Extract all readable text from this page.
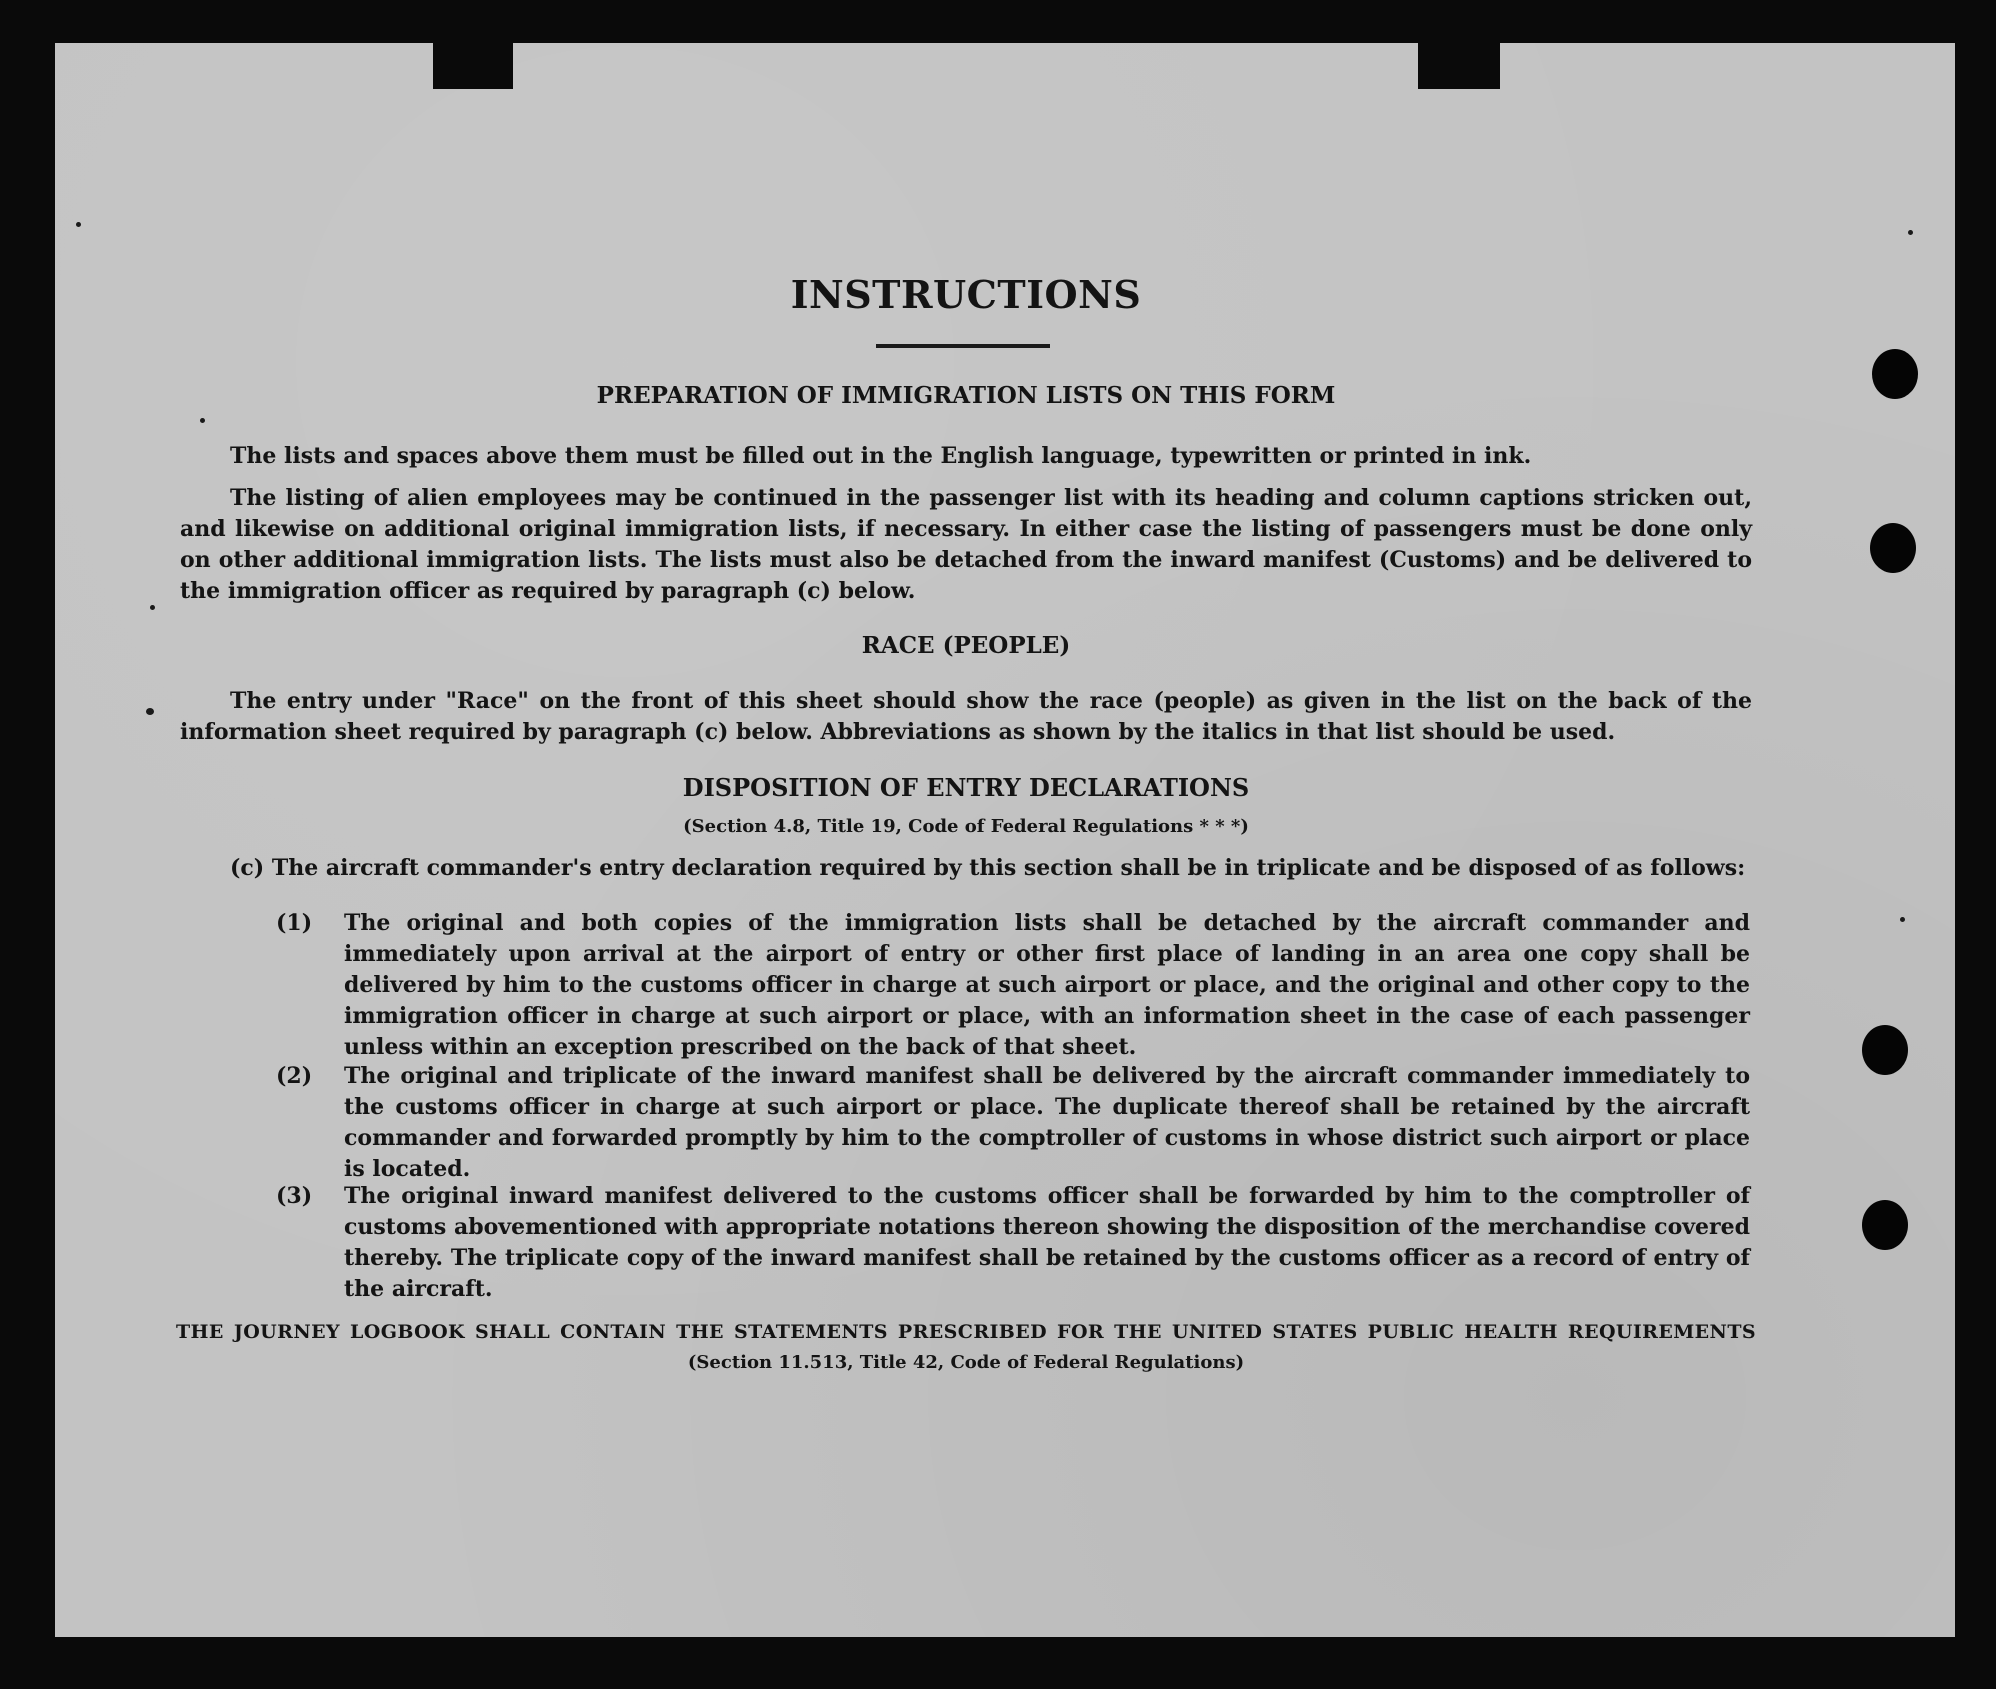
INSTRUCTIONS
PREPARATION OF IMMIGRATION LISTS ON THIS FORM
The lists and spaces above them must be filled out in the English language, typewritten or printed in ink.
The listing of alien employees may be continued in the passenger list with its heading and column captions stricken out, and likewise on additional original immigration lists, if necessary. In either case the listing of passengers must be done only on other additional immigration lists. The lists must also be detached from the inward manifest (Customs) and be delivered to the immigration officer as required by paragraph (c) below.
RACE (PEOPLE)
The entry under "Race" on the front of this sheet should show the race (people) as given in the list on the back of the information sheet required by paragraph (c) below. Abbreviations as shown by the italics in that list should be used.
DISPOSITION OF ENTRY DECLARATIONS
(Section 4.8, Title 19, Code of Federal Regulations * * *)
(c) The aircraft commander's entry declaration required by this section shall be in triplicate and be disposed of as follows:
(1)	The original and both copies of the immigration lists shall be detached by the aircraft commander and immediately upon arrival at the airport of entry or other first place of landing in an area one copy shall be delivered by him to the customs officer in charge at such airport or place, and the original and other copy to the immigration officer in charge at such airport or place, with an information sheet in the case of each passenger unless within an exception prescribed on the back of that sheet.
(2)	The original and triplicate of the inward manifest shall be delivered by the aircraft commander immediately to the customs officer in charge at such airport or place. The duplicate thereof shall be retained by the aircraft commander and forwarded promptly by him to the comptroller of customs in whose district such airport or place is located.
(3)	The original inward manifest delivered to the customs officer shall be forwarded by him to the comptroller of customs abovementioned with appropriate notations thereon showing the disposition of the merchandise covered thereby. The triplicate copy of the inward manifest shall be retained by the customs officer as a record of entry of the aircraft.
THE JOURNEY LOGBOOK SHALL CONTAIN THE STATEMENTS PRESCRIBED FOR THE UNITED STATES PUBLIC HEALTH REQUIREMENTS
(Section 11.513, Title 42, Code of Federal Regulations)
